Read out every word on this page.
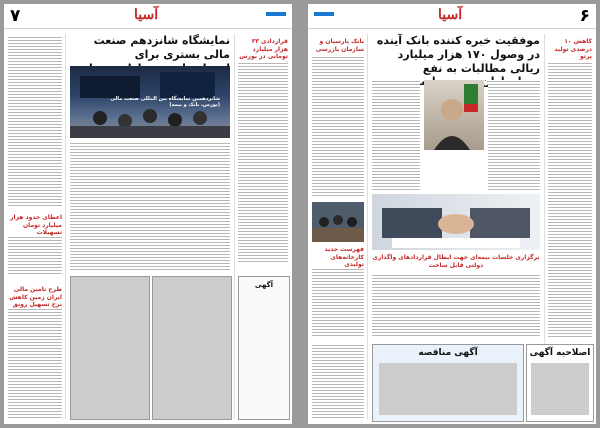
۷	آسیا
اعطای حدود هزار میلیارد تومان تسهیلات
طرح تامین مالی ایران زمین کاهش نرخ تسهیل رونق
نمایشگاه شانزدهم صنعت مالی بستری برای
شانزدهمین نمایشگاه بین المللی صنعت مالی (بورس، بانک و بیمه)
قراردادی ۳۳ هزار میلیارد تومانی در بورس
آگهی
آسیا	۶
بانک پارسیان و سازمان بازرسی
فهرست جدید کارخانه‌های تولیدی
موفقیت خبره کننده بانک آینده در وصول ۱۷۰ هزار میلیارد ریالی مطالبات به نفع است
برگزاری جلسات بیمه‌ای جهت ابطال قراردادهای واگذاری دولتی قابل ساخت
کاهش ۱۰ درصدی تولید پرتو
آگهی مناقصه	اصلاحیه آگهی
